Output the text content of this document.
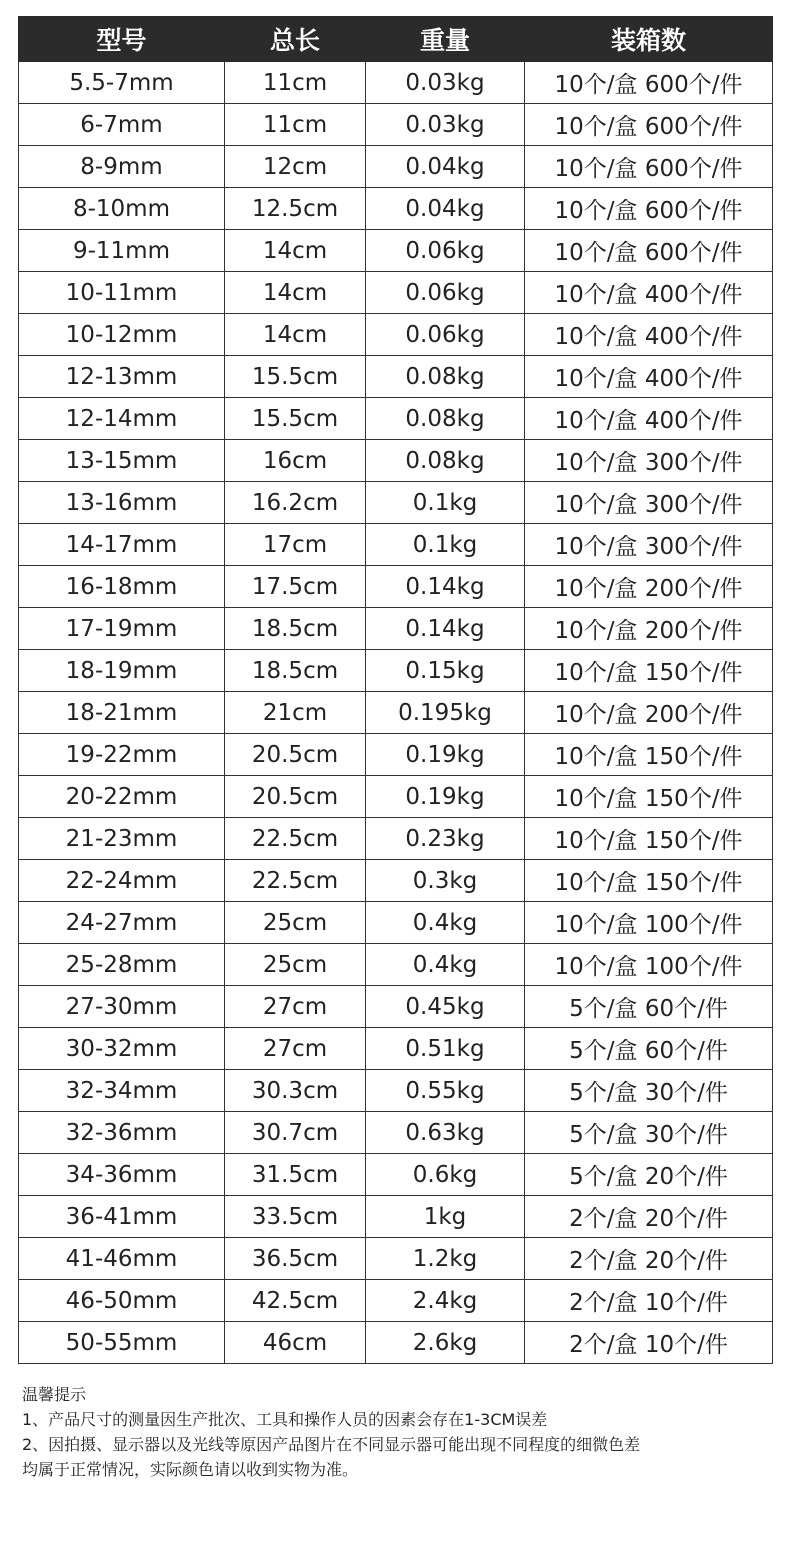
型号	总长	重量	装箱数
5.5-7mm	11cm	0.03kg	10个/盒 600个/件
6-7mm	11cm	0.03kg	10个/盒 600个/件
8-9mm	12cm	0.04kg	10个/盒 600个/件
8-10mm	12.5cm	0.04kg	10个/盒 600个/件
9-11mm	14cm	0.06kg	10个/盒 600个/件
10-11mm	14cm	0.06kg	10个/盒 400个/件
10-12mm	14cm	0.06kg	10个/盒 400个/件
12-13mm	15.5cm	0.08kg	10个/盒 400个/件
12-14mm	15.5cm	0.08kg	10个/盒 400个/件
13-15mm	16cm	0.08kg	10个/盒 300个/件
13-16mm	16.2cm	0.1kg	10个/盒 300个/件
14-17mm	17cm	0.1kg	10个/盒 300个/件
16-18mm	17.5cm	0.14kg	10个/盒 200个/件
17-19mm	18.5cm	0.14kg	10个/盒 200个/件
18-19mm	18.5cm	0.15kg	10个/盒 150个/件
18-21mm	21cm	0.195kg	10个/盒 200个/件
19-22mm	20.5cm	0.19kg	10个/盒 150个/件
20-22mm	20.5cm	0.19kg	10个/盒 150个/件
21-23mm	22.5cm	0.23kg	10个/盒 150个/件
22-24mm	22.5cm	0.3kg	10个/盒 150个/件
24-27mm	25cm	0.4kg	10个/盒 100个/件
25-28mm	25cm	0.4kg	10个/盒 100个/件
27-30mm	27cm	0.45kg	5个/盒 60个/件
30-32mm	27cm	0.51kg	5个/盒 60个/件
32-34mm	30.3cm	0.55kg	5个/盒 30个/件
32-36mm	30.7cm	0.63kg	5个/盒 30个/件
34-36mm	31.5cm	0.6kg	5个/盒 20个/件
36-41mm	33.5cm	1kg	2个/盒 20个/件
41-46mm	36.5cm	1.2kg	2个/盒 20个/件
46-50mm	42.5cm	2.4kg	2个/盒 10个/件
50-55mm	46cm	2.6kg	2个/盒 10个/件
温馨提示
1、产品尺寸的测量因生产批次、工具和操作人员的因素会存在1-3CM误差
2、因拍摄、显示器以及光线等原因产品图片在不同显示器可能出现不同程度的细微色差
均属于正常情况，实际颜色请以收到实物为准。
